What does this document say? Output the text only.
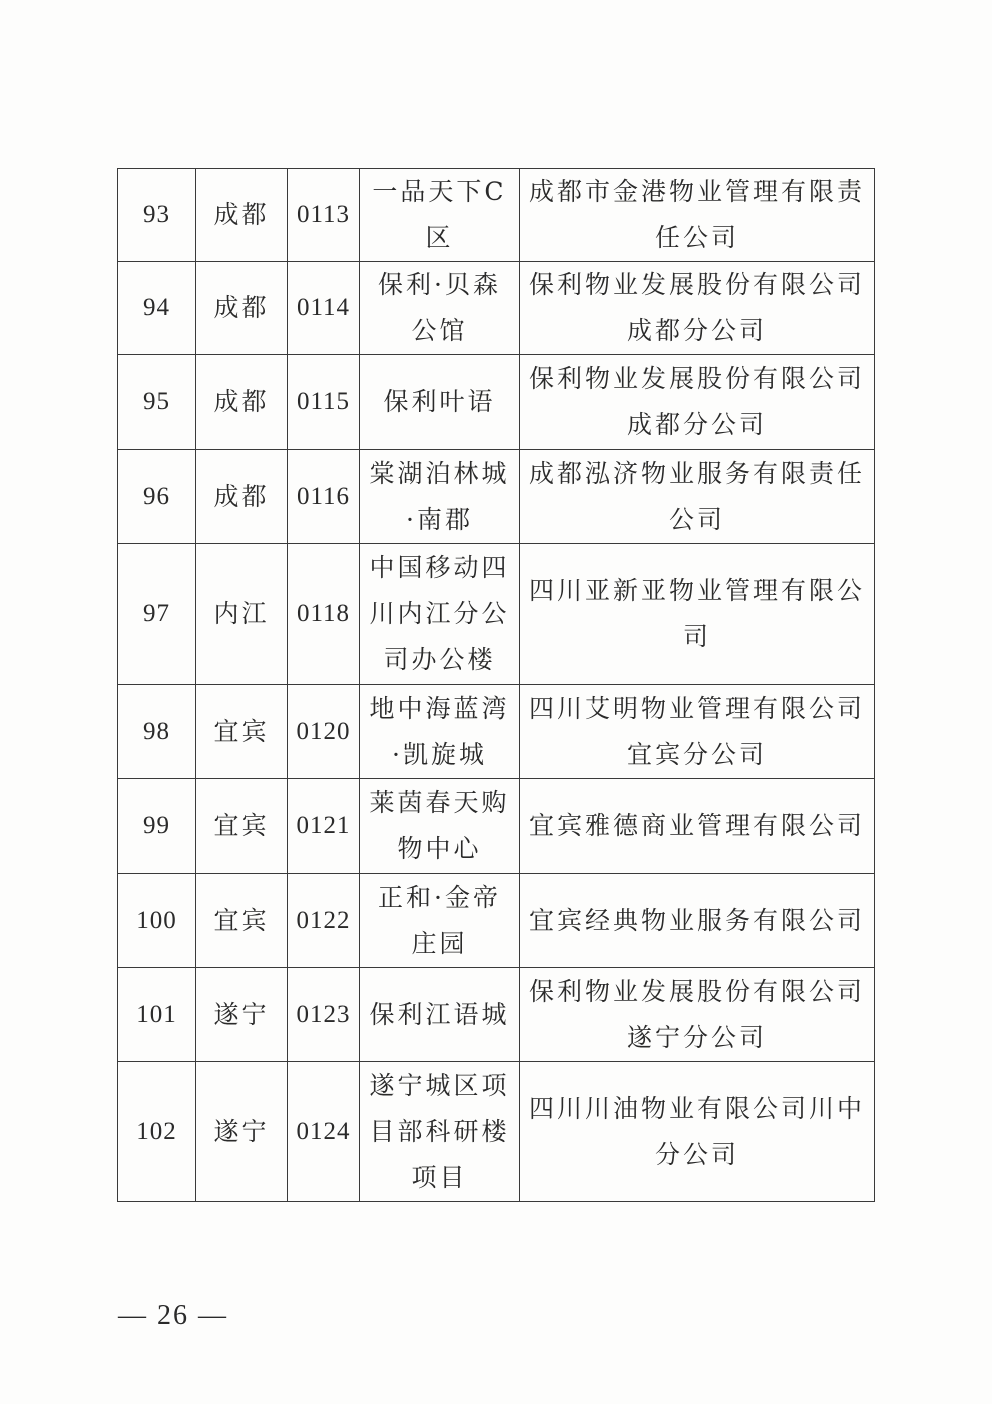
93	成都	0113	一品天下C区	成都市金港物业管理有限责任公司
94	成都	0114	保利·贝森公馆	保利物业发展股份有限公司成都分公司
95	成都	0115	保利叶语	保利物业发展股份有限公司成都分公司
96	成都	0116	棠湖泊林城·南郡	成都泓济物业服务有限责任公司
97	内江	0118	中国移动四川内江分公司办公楼	四川亚新亚物业管理有限公司
98	宜宾	0120	地中海蓝湾·凯旋城	四川艾明物业管理有限公司宜宾分公司
99	宜宾	0121	莱茵春天购物中心	宜宾雅德商业管理有限公司
100	宜宾	0122	正和·金帝庄园	宜宾经典物业服务有限公司
101	遂宁	0123	保利江语城	保利物业发展股份有限公司遂宁分公司
102	遂宁	0124	遂宁城区项目部科研楼项目	四川川油物业有限公司川中分公司
— 26 —
